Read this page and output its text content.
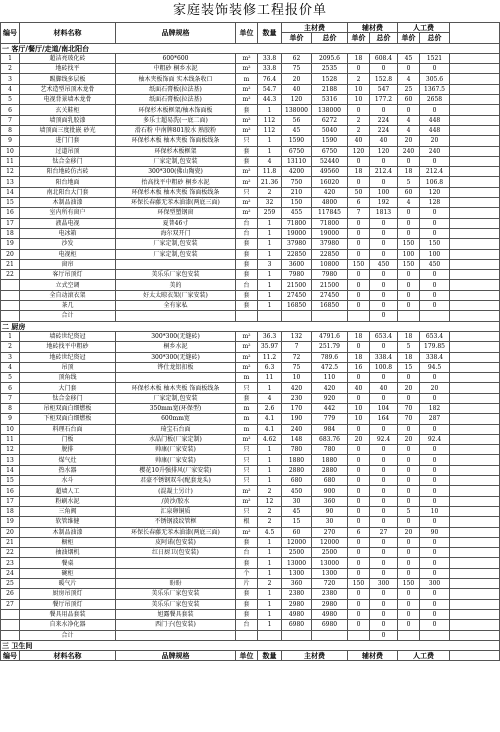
家庭装饰装修工程报价单
编号	材料名称	品牌规格	单位	数量	主材费		辅材费		人工费		
					单价	总价	单价	总价	单价	总价	
一 客厅/餐厅/走道/南北阳台											
1	超洁亮玻化砖	600*600	m²	33.8	62	2095.6	18	608.4	45	1521	
2	地砖找平	中粗砂 桐乡水泥	m²	33.8	75	2535	0	0	0	0	
3	踢脚线多层板	柚木夹板饰面 实木线条收口	m	76.4	20	1528	2	152.8	4	305.6	
4	艺术造型吊顶木龙骨	纸面石膏板(拉法基)	m²	54.7	40	2188	10	547	25	1367.5	
5	电视背景墙木龙骨	纸面石膏板(拉法基)	m²	44.3	120	5316	10	177.2	60	2658	
6	玄关鞋柜	环保杉木板框架/柚木饰面板	套	1	138000	138000	0	0	0	0	
7	墙顶面乳胶漆	多乐士超易洗(一底二面)	m²	112	56	6272	2	224	4	448	
8	墙顶面三度批嵌 砂光	滑石粉 中南牌801胶水 熟胶粉	m²	112	45	5040	2	224	4	448	
9	进门门套	环保杉木板 柚木夹板 饰面板线条	只	1	1590	1590	40	40	20	20	
10	过道吊顶	环保杉木板框架	套	1	6750	6750	120	120	240	240	
11	钛合金移门	厂家定制,包安装	套	4	13110	52440	0	0	0	0	
12	阳台地砖仿古砖	300*300(佛山陶瓷)	m²	11.8	4200	49560	18	212.4	18	212.4	
13	阳台地面	抬高找平中粗砂 桐乡水泥	m²	21.36	750	16020	0	0	5	106.8	
14	南北阳台大门套	环保杉木板 柚木夹板 饰面板线条	只	2	210	420	50	100	60	120	
15	木制品油漆	环保长春藤无苯木油漆(两底三面)	m²	32	150	4800	6	192	4	128	
16	室内所有窗户	环保型塑钢窗	m²	259	455	117845	7	1813	0	0	
17	液晶电视	夏普46寸	台	1	71800	71800	0	0	0	0	
18	电冰箱	海尔双开门	台	1	19000	19000	0	0	0	0	
19	沙发	厂家定制,包安装	套	1	37980	37980	0	0	150	150	
20	电视柜	厂家定制,包安装	套	1	22850	22850	0	0	100	100	
21	窗帘		套	3	3600	10800	150	450	150	450	
22	客厅吊顶灯	美乐乐厂家包安装	套	1	7980	7980	0	0	0	0	
	立式空调	美的	台	1	21500	21500	0	0	0	0	
	全自动滚衣架	好太太晾衣架(厂家安装)	套	1	27450	27450	0	0	0	0	
	茶几	全有家私	套	1	16850	16850	0	0	0	0	
	合计							0			
二 厨房											
1	墙砖世纪资冠	300*300(无缝砖)	m²	36.3	132	4791.6	18	653.4	18	653.4	
2	地砖找平中粗砂	桐乡水泥	m²	35.97	7	251.79	0	0	5	179.85	
3	地砖世纪资冠	300*300(无缝砖)	m²	11.2	72	789.6	18	338.4	18	338.4	
4	吊顶	铧仕龙铝扣板	m²	6.3	75	472.5	16	100.8	15	94.5	
5	顶角线		m	11	10	110	0	0	0	0	
6	大门套	环保杉木板 柚木夹板 饰面板线条	只	1	420	420	40	40	20	20	
7	钛合金移门	厂家定制,包安装	套	4	230	920	0	0	0	0	
8	吊柜双面白细燃板	350mm宽(环保型)	m	2.6	170	442	10	104	70	182	
9	下柜双面白细燃板	600mm宽	m	4.1	190	779	10	164	70	287	
10	料理石台面	琦宝石台面	m	4.1	240	984	0	0	0	0	
11	门板	水晶门板(厂家定制)	m²	4.62	148	683.76	20	92.4	20	92.4	
12	脱排	帅康(厂家安装)	只	1	780	780	0	0	0	0	
13	煤气灶	帅康(厂家安装)	只	1	1880	1880	0	0	0	0	
14	热水器	樱花10升强排风(厂家安装)	只	1	2880	2880	0	0	0	0	
15	水斗	君豪不锈钢双斗(配套龙头)	只	1	680	680	0	0	0	0	
16	超墙人工	(混凝土另计)	m²	2	450	900	0	0	0	0	
17	粉刷水泥	/黄沙/胶水	m²	12	30	360	0	0	0	0	
18	三角阀	汇泉卵铜质	只	2	45	90	0	0	5	10	
19	软管维健	不锈钢波纹管框	根	2	15	30	0	0	0	0	
20	木制品油漆	环保长春藤无苯木油漆(两底三面)	m²	4.5	60	270	6	27	20	90	
21	橱柜	皮阿诺(包安装)	套	1	12000	12000	0	0	0	0	
22	抽油烟机	红日厨卫(包安装)	台	1	2500	2500	0	0	0	0	
23	餐桌		套	1	13000	13000	0	0	0	0	
24	碗柜		个	1	1300	1300	0	0	0	0	
25	暖气片	盼盼	片	2	360	720	150	300	150	300	
26	厨房吊顶灯	美乐乐厂家包安装	套	1	2380	2380	0	0	0	0	
27	餐厅吊顶灯	美乐乐厂家包安装	套	1	2980	2980	0	0	0	0	
	餐具用品套装	旭露餐具套装	套	1	4980	4980	0	0	0	0	
	自来水净化器	西门子(包安装)	台	1	6980	6980	0	0	0	0	
	合计							0			
三 卫生间											
编号	材料名称	品牌规格	单位	数量	主材费		辅材费		人工费		
